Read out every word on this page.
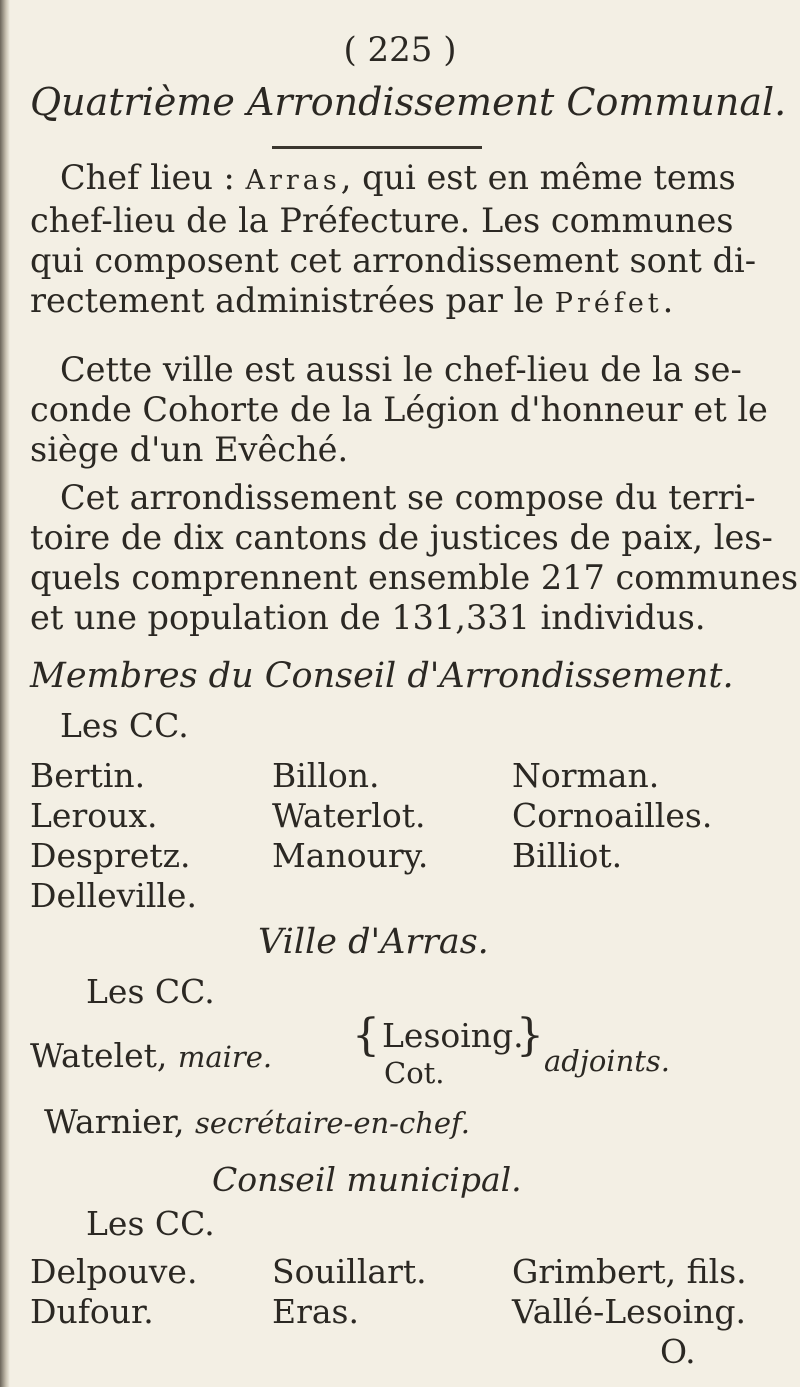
( 225 )
Quatrième Arrondissement Communal.
Chef lieu : Arras, qui est en même tems
chef-lieu de la Préfecture. Les communes
qui composent cet arrondissement sont di-
rectement administrées par le Préfet.
Cette ville est aussi le chef-lieu de la se-
conde Cohorte de la Légion d'honneur et le
siège d'un Evêché.
Cet arrondissement se compose du terri-
toire de dix cantons de justices de paix, les-
quels comprennent ensemble 217 communes
et une population de 131,331 individus.
Membres du Conseil d'Arrondissement.
Les CC.
Bertin.	Billon.	Norman.
Leroux.	Waterlot.	Cornoailles.
Despretz. Manoury.	Billiot.
Delleville.
Ville d'Arras.
Les CC.
Watelet, maire. { Lesoing.
Cot.
} adjoints.
Warnier, secrétaire-en-chef.
Conseil municipal.
Les CC.
Delpouve. Souillart.	Grimbert, fils.
Dufour.	Eras.	Vallé-Lesoing.
O.
